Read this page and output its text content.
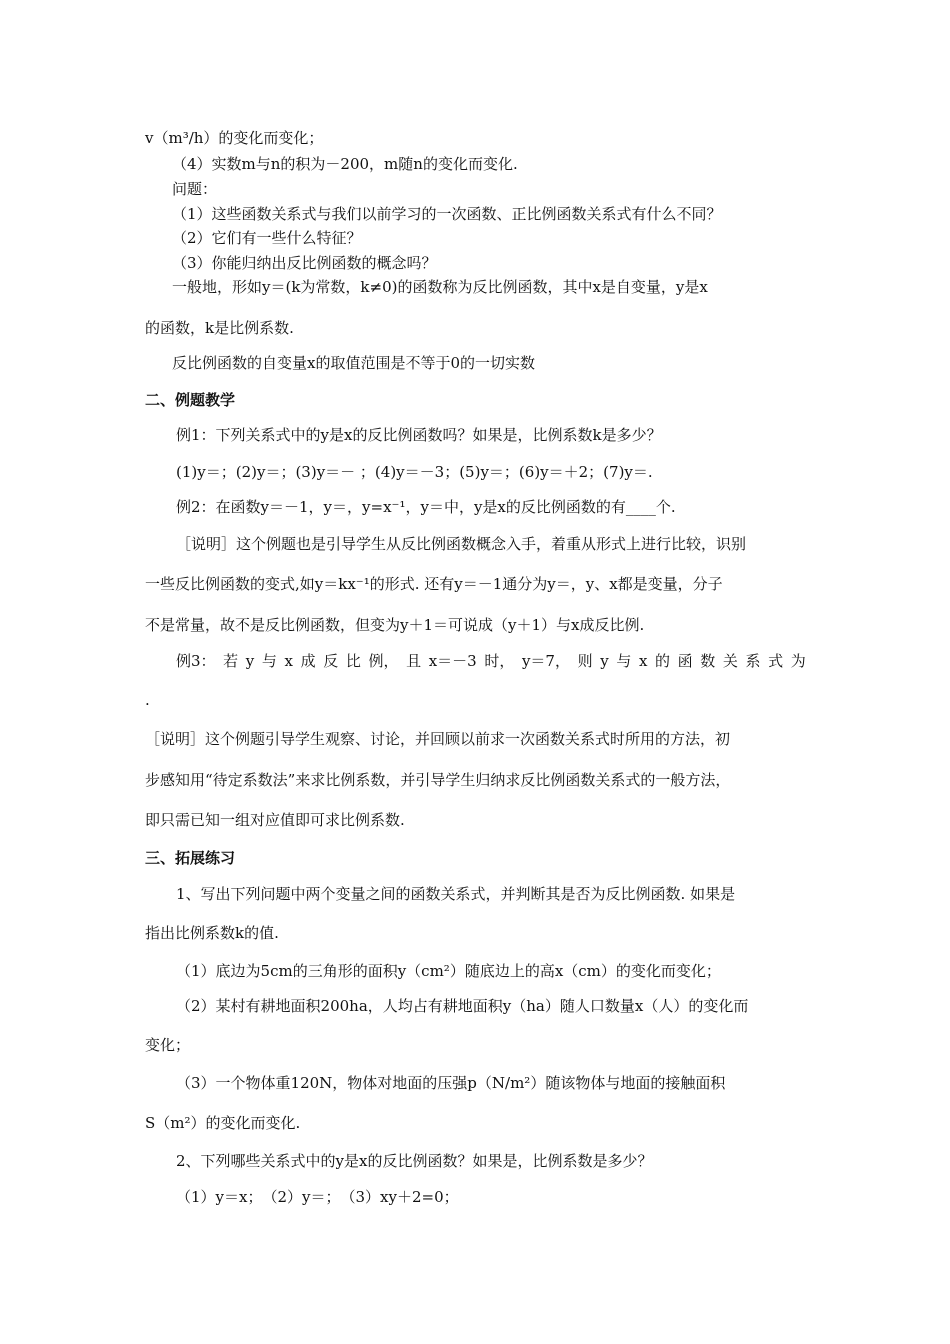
v（m³/h）的变化而变化；
（4）实数m与n的积为－200，m随n的变化而变化.
问题：
（1）这些函数关系式与我们以前学习的一次函数、正比例函数关系式有什么不同？
（2）它们有一些什么特征？
（3）你能归纳出反比例函数的概念吗？
一般地，形如y＝(k为常数，k≠0)的函数称为反比例函数，其中x是自变量，y是x
的函数，k是比例系数.
反比例函数的自变量x的取值范围是不等于0的一切实数
二、例题教学
例1：下列关系式中的y是x的反比例函数吗？如果是，比例系数k是多少？
(1)y＝；(2)y＝；(3)y＝－ ；(4)y＝－3；(5)y＝；(6)y＝＋2；(7)y＝.
例2：在函数y＝－1，y＝，y=x⁻¹，y＝中，y是x的反比例函数的有____个.
［说明］这个例题也是引导学生从反比例函数概念入手，着重从形式上进行比较，识别
一些反比例函数的变式,如y＝kx⁻¹的形式. 还有y＝－1通分为y＝，y、x都是变量，分子
不是常量，故不是反比例函数，但变为y＋1＝可说成（y＋1）与x成反比例.
例3： 若 y 与 x 成 反 比 例， 且 x＝－3 时， y＝7， 则 y 与 x 的 函 数 关 系 式 为
.
［说明］这个例题引导学生观察、讨论，并回顾以前求一次函数关系式时所用的方法，初
步感知用“待定系数法”来求比例系数，并引导学生归纳求反比例函数关系式的一般方法，
即只需已知一组对应值即可求比例系数.
三、拓展练习
1、写出下列问题中两个变量之间的函数关系式，并判断其是否为反比例函数. 如果是
指出比例系数k的值.
（1）底边为5cm的三角形的面积y（cm²）随底边上的高x（cm）的变化而变化；
（2）某村有耕地面积200ha，人均占有耕地面积y（ha）随人口数量x（人）的变化而
变化；
（3）一个物体重120N，物体对地面的压强p（N/m²）随该物体与地面的接触面积
S（m²）的变化而变化.
2、下列哪些关系式中的y是x的反比例函数？如果是，比例系数是多少？
（1）y＝x；　（2）y＝；　（3）xy＋2=0；
